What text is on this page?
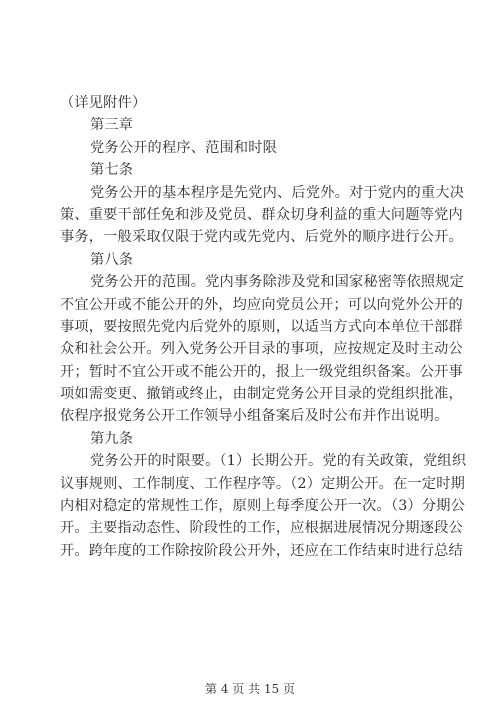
（详见附件）
第三章
党务公开的程序、范围和时限
第七条
党务公开的基本程序是先党内、后党外。对于党内的重大决
策、重要干部任免和涉及党员、群众切身利益的重大问题等党内
事务，一般采取仅限于党内或先党内、后党外的顺序进行公开。
第八条
党务公开的范围。党内事务除涉及党和国家秘密等依照规定
不宜公开或不能公开的外，均应向党员公开；可以向党外公开的
事项，要按照先党内后党外的原则，以适当方式向本单位干部群
众和社会公开。列入党务公开目录的事项，应按规定及时主动公
开；暂时不宜公开或不能公开的，报上一级党组织备案。公开事
项如需变更、撤销或终止，由制定党务公开目录的党组织批准，
依程序报党务公开工作领导小组备案后及时公布并作出说明。
第九条
党务公开的时限要。（1）长期公开。党的有关政策，党组织
议事规则、工作制度、工作程序等。（2）定期公开。在一定时期
内相对稳定的常规性工作，原则上每季度公开一次。（3）分期公
开。主要指动态性、阶段性的工作，应根据进展情况分期逐段公
开。跨年度的工作除按阶段公开外，还应在工作结束时进行总结
第 4 页 共 15 页
